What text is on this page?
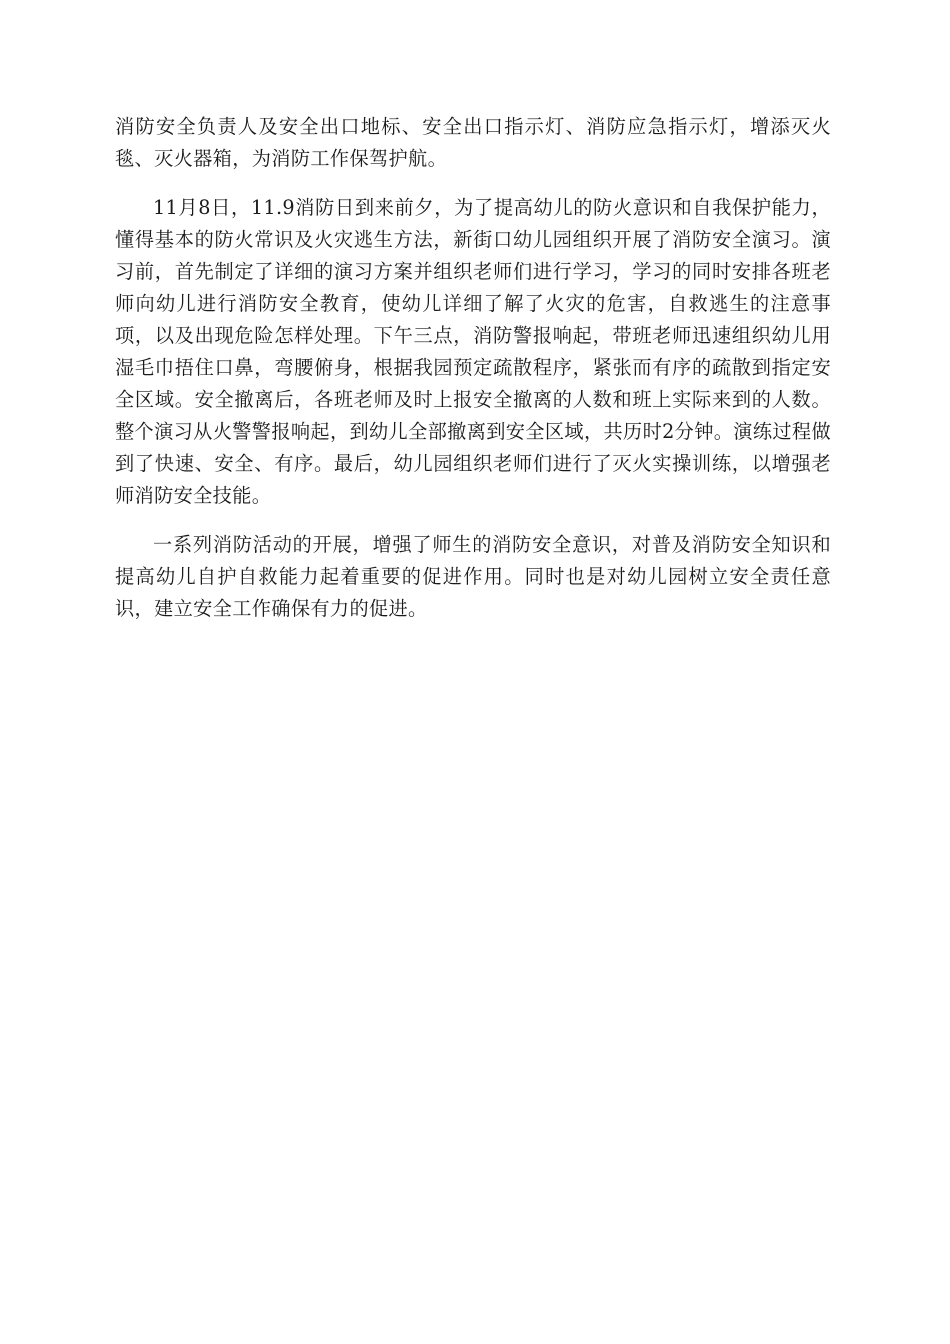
消防安全负责人及安全出口地标、安全出口指示灯、消防应急指示灯，增添灭火毯、灭火器箱，为消防工作保驾护航。

11月8日，11.9消防日到来前夕，为了提高幼儿的防火意识和自我保护能力，懂得基本的防火常识及火灾逃生方法，新街口幼儿园组织开展了消防安全演习。演习前，首先制定了详细的演习方案并组织老师们进行学习，学习的同时安排各班老师向幼儿进行消防安全教育，使幼儿详细了解了火灾的危害，自救逃生的注意事项，以及出现危险怎样处理。下午三点，消防警报响起，带班老师迅速组织幼儿用湿毛巾捂住口鼻，弯腰俯身，根据我园预定疏散程序，紧张而有序的疏散到指定安全区域。安全撤离后，各班老师及时上报安全撤离的人数和班上实际来到的人数。整个演习从火警警报响起，到幼儿全部撤离到安全区域，共历时2分钟。演练过程做到了快速、安全、有序。最后，幼儿园组织老师们进行了灭火实操训练，以增强老师消防安全技能。

一系列消防活动的开展，增强了师生的消防安全意识，对普及消防安全知识和提高幼儿自护自救能力起着重要的促进作用。同时也是对幼儿园树立安全责任意识，建立安全工作确保有力的促进。
